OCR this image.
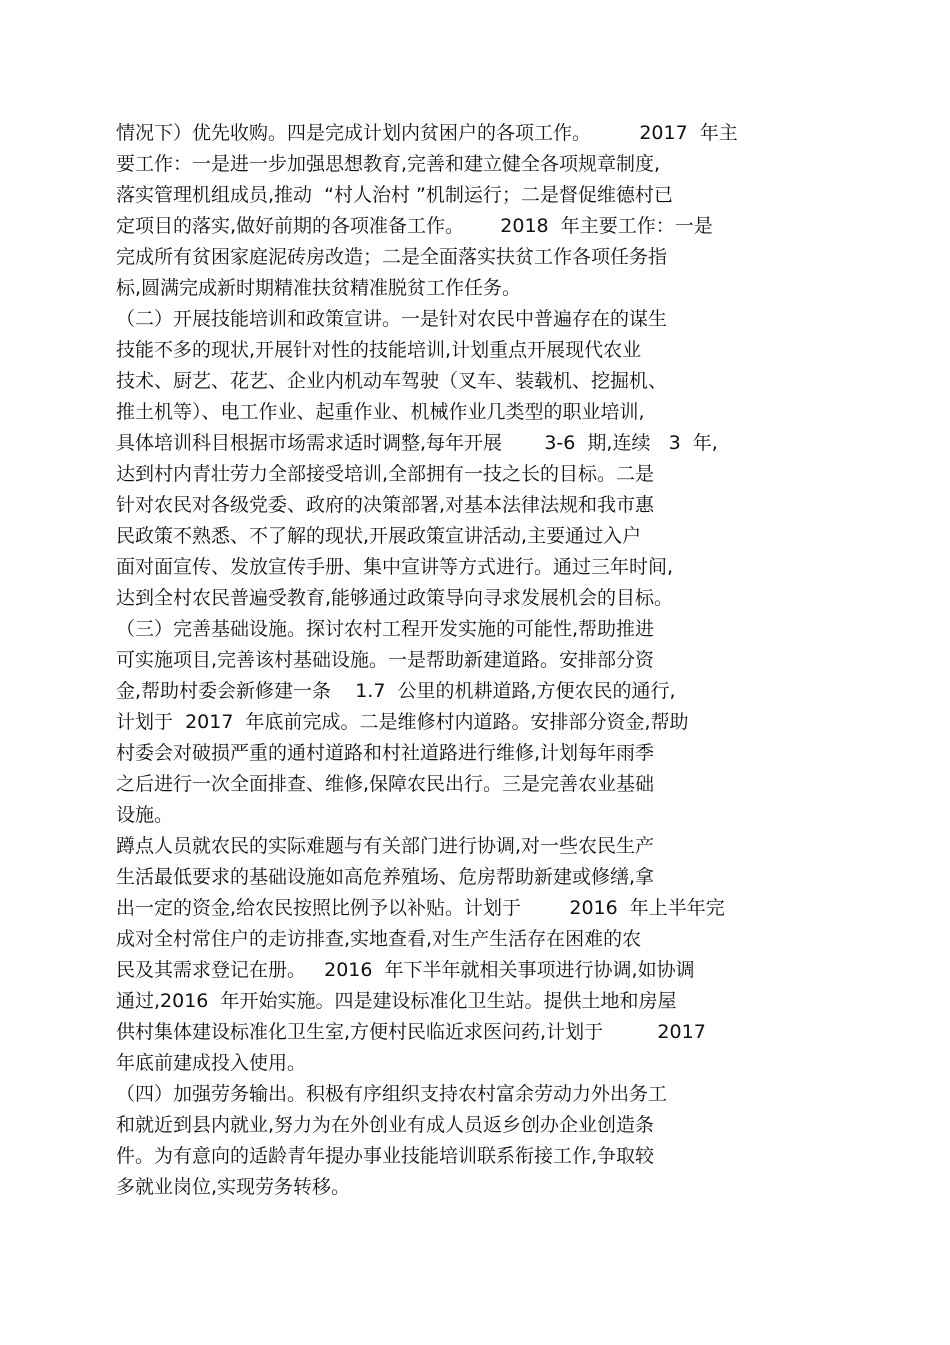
情况下）优先收购。四是完成计划内贫困户的各项工作。        2017  年主
要工作：一是进一步加强思想教育,完善和建立健全各项规章制度,
落实管理机组成员,推动  “村人治村 ”机制运行；二是督促维德村已
定项目的落实,做好前期的各项准备工作。      2018  年主要工作：一是
完成所有贫困家庭泥砖房改造；二是全面落实扶贫工作各项任务指
标,圆满完成新时期精准扶贫精准脱贫工作任务。
（二）开展技能培训和政策宣讲。一是针对农民中普遍存在的谋生
技能不多的现状,开展针对性的技能培训,计划重点开展现代农业
技术、厨艺、花艺、企业内机动车驾驶（叉车、装载机、挖掘机、
推土机等）、电工作业、起重作业、机械作业几类型的职业培训,
具体培训科目根据市场需求适时调整,每年开展       3-6  期,连续   3  年,
达到村内青壮劳力全部接受培训,全部拥有一技之长的目标。二是
针对农民对各级党委、政府的决策部署,对基本法律法规和我市惠
民政策不熟悉、不了解的现状,开展政策宣讲活动,主要通过入户
面对面宣传、发放宣传手册、集中宣讲等方式进行。通过三年时间,
达到全村农民普遍受教育,能够通过政策导向寻求发展机会的目标。
（三）完善基础设施。探讨农村工程开发实施的可能性,帮助推进
可实施项目,完善该村基础设施。一是帮助新建道路。安排部分资
金,帮助村委会新修建一条    1.7  公里的机耕道路,方便农民的通行,
计划于  2017  年底前完成。二是维修村内道路。安排部分资金,帮助
村委会对破损严重的通村道路和村社道路进行维修,计划每年雨季
之后进行一次全面排查、维修,保障农民出行。三是完善农业基础
设施。
蹲点人员就农民的实际难题与有关部门进行协调,对一些农民生产
生活最低要求的基础设施如高危养殖场、危房帮助新建或修缮,拿
出一定的资金,给农民按照比例予以补贴。计划于        2016  年上半年完
成对全村常住户的走访排查,实地查看,对生产生活存在困难的农
民及其需求登记在册。   2016  年下半年就相关事项进行协调,如协调
通过,2016  年开始实施。四是建设标准化卫生站。提供土地和房屋
供村集体建设标准化卫生室,方便村民临近求医问药,计划于         2017
年底前建成投入使用。
（四）加强劳务输出。积极有序组织支持农村富余劳动力外出务工
和就近到县内就业,努力为在外创业有成人员返乡创办企业创造条
件。为有意向的适龄青年提办事业技能培训联系衔接工作,争取较
多就业岗位,实现劳务转移。
